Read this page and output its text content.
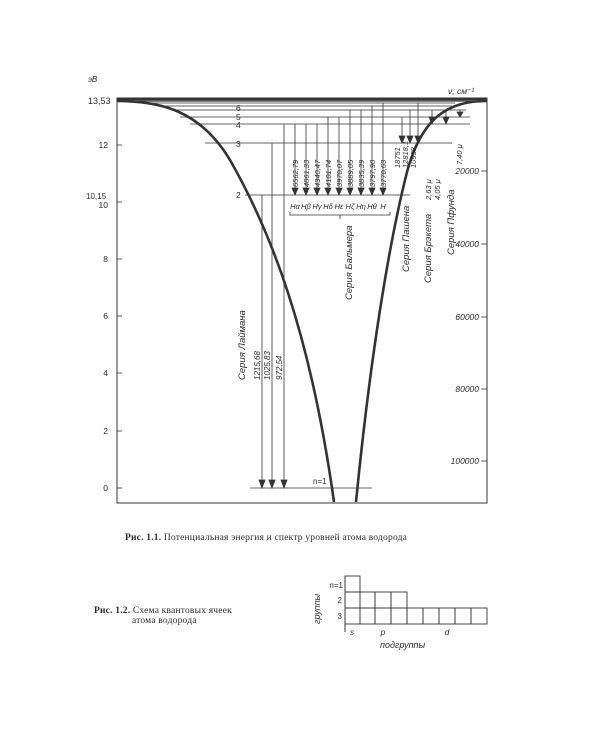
эВ
ν, см⁻¹
13,53
10,15
12
10
8
6
4
2
0
20000
40000
60000
80000
100000
6
5
4
3
2
n=1
1215,68 1025,83 972,54
6562,79 4861,33 4340,47 4101,74 3970,07 3889,05 3835,39 3797,90 3770,63
Hα Hβ Hγ Hδ Hε Hζ Hη Hθ H
18751 12818,1 10938
2,63 μ 4,05 μ
7,40 μ
Серия Лаймана
Серия Бальмера	Серия Пашена Серия Брэкета Серия Пфунда
Рис. 1.1. Потенциальная энергия и спектр уровней атома водорода
Рис. 1.2. Схема квантовых ячеек
атома водорода	группы
n=1
2
3
s	p	d
подгруппы
